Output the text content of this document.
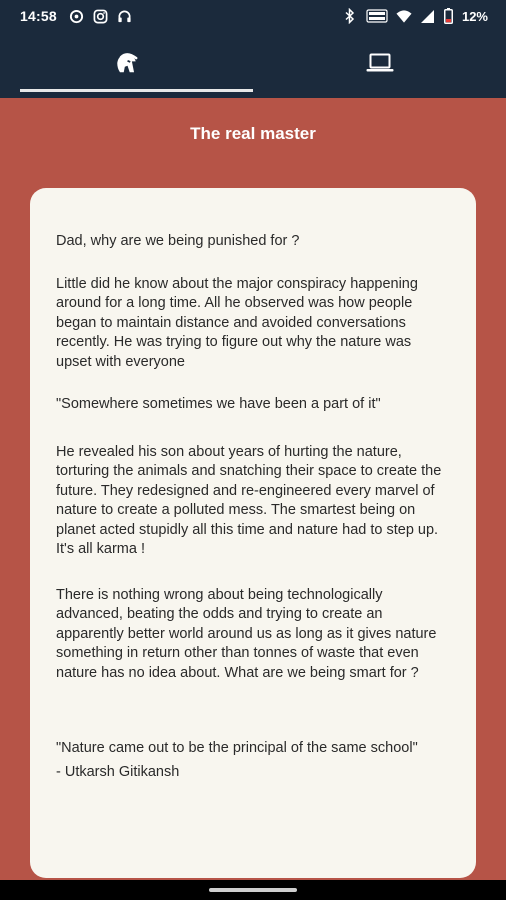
14:58	12%
The real master

Dad, why are we being punished for ?

Little did he know about the major conspiracy happening around for a long time. All he observed was how people began to maintain distance and avoided conversations recently. He was trying to figure out why the nature was upset with everyone

"Somewhere sometimes we have been a part of it"

He revealed his son about years of hurting the nature, torturing the animals and snatching their space to create the future. They redesigned and re-engineered every marvel of nature to create a polluted mess. The smartest being on planet acted stupidly all this time and nature had to step up. It's all karma !

There is nothing wrong about being technologically advanced, beating the odds and trying to create an apparently better world around us as long as it gives nature something in return other than tonnes of waste that even nature has no idea about. What are we being smart for ?

"Nature came out to be the principal of the same school"

- Utkarsh Gitikansh
